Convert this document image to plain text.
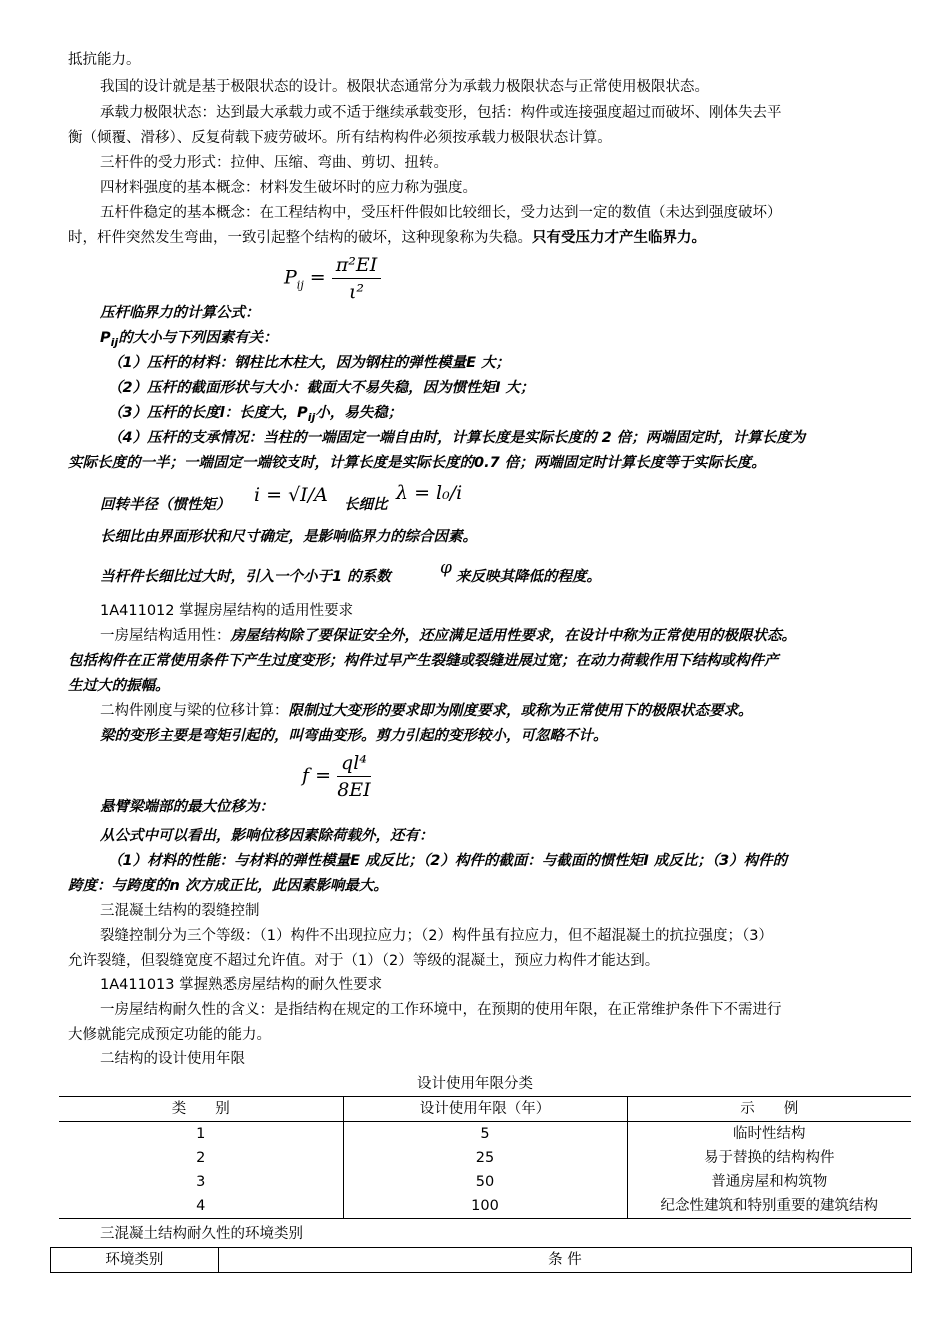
抵抗能力。
我国的设计就是基于极限状态的设计。极限状态通常分为承载力极限状态与正常使用极限状态。
承载力极限状态：达到最大承载力或不适于继续承载变形，包括：构件或连接强度超过而破坏、刚体失去平
衡（倾覆、滑移）、反复荷载下疲劳破坏。所有结构构件必须按承载力极限状态计算。
三杆件的受力形式：拉伸、压缩、弯曲、剪切、扭转。
四材料强度的基本概念：材料发生破坏时的应力称为强度。
五杆件稳定的基本概念：在工程结构中，受压杆件假如比较细长，受力达到一定的数值（未达到强度破坏）
时，杆件突然发生弯曲，一致引起整个结构的破坏，这种现象称为失稳。只有受压力才产生临界力。
$P_{ij} = \frac{\text{π²EI}}{\text{ι²}}$
压杆临界力的计算公式：
$P_{ij}$的大小与下列因素有关：
（1）压杆的材料：钢柱比木柱大，因为钢柱的弹性模量E 大；
（2）压杆的截面形状与大小：截面大不易失稳，因为惯性矩I 大；
（3）压杆的长度l：长度大，$P_{ij}$小，易失稳；
（4）压杆的支承情况：当柱的一端固定一端自由时，计算长度是实际长度的 2 倍；两端固定时，计算长度为
实际长度的一半；一端固定一端铰支时，计算长度是实际长度的0.7 倍；两端固定时计算长度等于实际长度。
回转半径（惯性矩） i = √I/A 长细比
λ = l₀/i
长细比由界面形状和尺寸确定，是影响临界力的综合因素。
当杆件长细比过大时，引入一个小于1 的系数	φ 来反映其降低的程度。
1A411012 掌握房屋结构的适用性要求
一房屋结构适用性：房屋结构除了要保证安全外，还应满足适用性要求，在设计中称为正常使用的极限状态。
包括构件在正常使用条件下产生过度变形；构件过早产生裂缝或裂缝进展过宽；在动力荷载作用下结构或构件产
生过大的振幅。
二构件刚度与梁的位移计算：限制过大变形的要求即为刚度要求，或称为正常使用下的极限状态要求。
梁的变形主要是弯矩引起的，叫弯曲变形。剪力引起的变形较小，可忽略不计。
$f = \frac{\text{ql⁴}}{8EI}$
悬臂梁端部的最大位移为：
从公式中可以看出，影响位移因素除荷载外，还有：
（1）材料的性能：与材料的弹性模量E 成反比；（2）构件的截面：与截面的惯性矩I 成反比；（3）构件的
跨度：与跨度的n 次方成正比，此因素影响最大。
三混凝土结构的裂缝控制
裂缝控制分为三个等级：（1）构件不出现拉应力；（2）构件虽有拉应力，但不超混凝土的抗拉强度；（3）
允许裂缝，但裂缝宽度不超过允许值。对于（1）（2）等级的混凝土，预应力构件才能达到。
1A411013 掌握熟悉房屋结构的耐久性要求
一房屋结构耐久性的含义：是指结构在规定的工作环境中，在预期的使用年限，在正常维护条件下不需进行
大修就能完成预定功能的能力。
二结构的设计使用年限
设计使用年限分类
类　　别	设计使用年限（年）	示　　例
1	5	临时性结构
2	25	易于替换的结构构件
3	50	普通房屋和构筑物
4	100	纪念性建筑和特别重要的建筑结构
三混凝土结构耐久性的环境类别
环境类别	条 件
